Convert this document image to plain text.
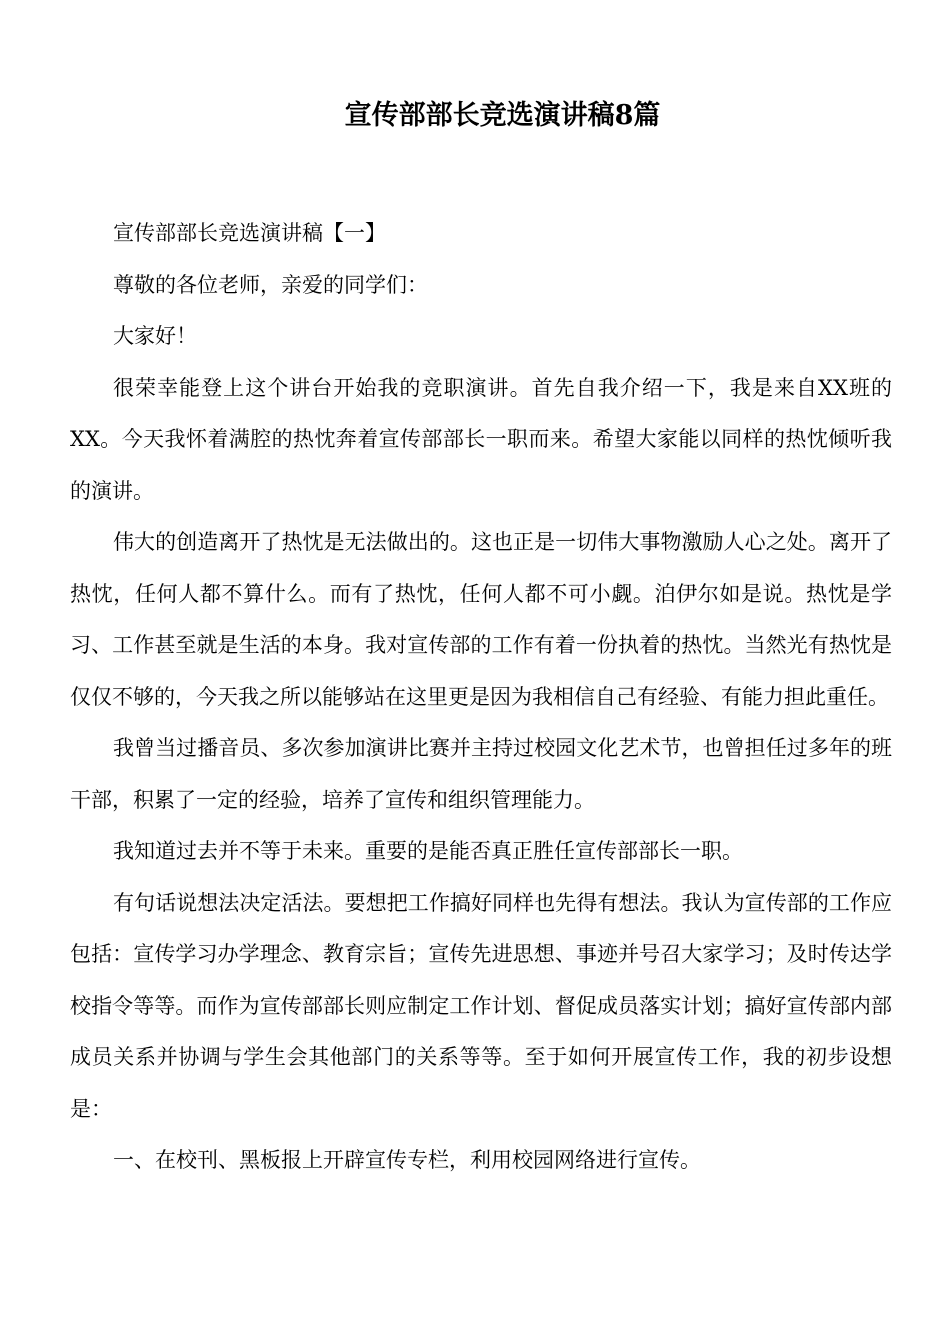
宣传部部长竞选演讲稿8篇

宣传部部长竞选演讲稿【一】

尊敬的各位老师，亲爱的同学们：

大家好！

很荣幸能登上这个讲台开始我的竞职演讲。首先自我介绍一下，我是来自XX班的XX。今天我怀着满腔的热忱奔着宣传部部长一职而来。希望大家能以同样的热忱倾听我的演讲。

伟大的创造离开了热忱是无法做出的。这也正是一切伟大事物激励人心之处。离开了热忱，任何人都不算什么。而有了热忱，任何人都不可小觑。泊伊尔如是说。热忱是学习、工作甚至就是生活的本身。我对宣传部的工作有着一份执着的热忱。当然光有热忱是仅仅不够的，今天我之所以能够站在这里更是因为我相信自己有经验、有能力担此重任。

我曾当过播音员、多次参加演讲比赛并主持过校园文化艺术节，也曾担任过多年的班干部，积累了一定的经验，培养了宣传和组织管理能力。

我知道过去并不等于未来。重要的是能否真正胜任宣传部部长一职。

有句话说想法决定活法。要想把工作搞好同样也先得有想法。我认为宣传部的工作应包括：宣传学习办学理念、教育宗旨；宣传先进思想、事迹并号召大家学习；及时传达学校指令等等。而作为宣传部部长则应制定工作计划、督促成员落实计划；搞好宣传部内部成员关系并协调与学生会其他部门的关系等等。至于如何开展宣传工作，我的初步设想是：

一、在校刊、黑板报上开辟宣传专栏，利用校园网络进行宣传。
